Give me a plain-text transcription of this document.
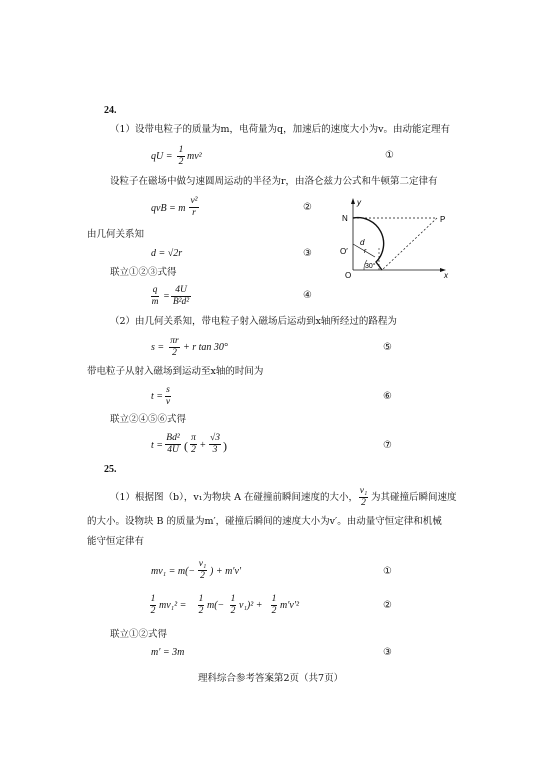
24.
（1）设带电粒子的质量为m，电荷量为q，加速后的速度大小为v。由动能定理有
qU =
1
2 mv²	①
设粒子在磁场中做匀速圆周运动的半径为r，由洛仑兹力公式和牛顿第二定律有
qvB = m
v²
r	②
由几何关系知
d = √2r	③
联立①②③式得
q
m =
4U
B²d²
④
（2）由几何关系知，带电粒子射入磁场后运动到x轴所经过的路程为
s =
πr
2 + r tan 30°	⑤
带电粒子从射入磁场到运动至x轴的时间为
t =
s
v	⑥
联立②④⑤⑥式得
t =
Bd²
4U (
π
2 +
√3
3 )	⑦
y
N	P
d
O′ r
30°
O	x
25.
（1）根据图（b），v₁为物块 A 在碰撞前瞬间速度的大小，
v₁
2 为其碰撞后瞬间速度
的大小。设物块 B 的质量为m′，碰撞后瞬间的速度大小为v′。由动量守恒定律和机械
能守恒定律有
mv₁ = m(−
v₁
2 ) + m′v′	①
1
2 mv₁² =
1
2 m(−
1
2 v₁)² +
1
2 m′v′²	②
联立①②式得
m′ = 3m	③
理科综合参考答案第2页（共7页）
